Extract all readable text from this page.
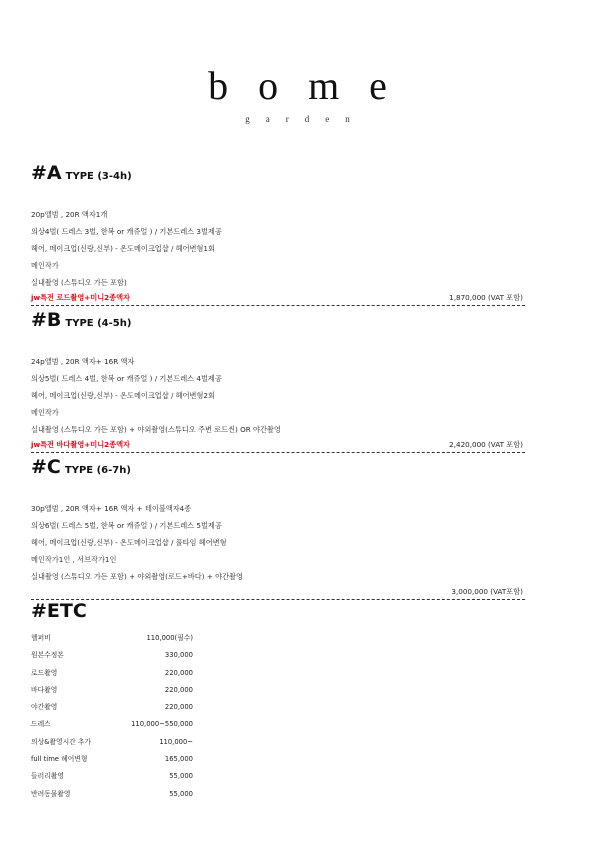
bome
garden
#A TYPE (3-4h)
20p앨범 , 20R 액자1개
의상4벌( 드레스 3벌, 한복 or 캐쥬얼 ) / 기본드레스 3벌제공
헤어, 메이크업(신랑,신부) - 온도메이크업샵 / 헤어변형1회
메인작가
실내촬영 (스튜디오 가든 포함)
jw특전 로드촬영+미니2종액자	1,870,000 (VAT 포함)
#B TYPE (4-5h)
24p앨범 , 20R 액자+ 16R 액자
의상5벌( 드레스 4벌, 한복 or 캐쥬얼 ) / 기본드레스 4벌제공
헤어, 메이크업(신랑,신부) - 온도메이크업샵 / 헤어변형2회
메인작가
실내촬영 (스튜디오 가든 포함) + 야외촬영(스튜디오 주변 로드씬) OR 야간촬영
jw특전 바다촬영+미니2종액자	2,420,000 (VAT 포함)
#C TYPE (6-7h)
30p앨범 , 20R 액자+ 16R 액자 + 테이블액자4종
의상6벌( 드레스 5벌, 한복 or 캐쥬얼 ) / 기본드레스 5벌제공
헤어, 메이크업(신랑,신부) - 온도메이크업샵 / 풀타임 헤어변형
메인작가1인 , 서브작가1인
실내촬영 (스튜디오 가든 포함) + 야외촬영(로드+바다) + 야간촬영
3,000,000 (VAT포함)
#ETC
헬퍼비	110,000(필수)
원본수정본	330,000
로드촬영	220,000
바다촬영	220,000
야간촬영	220,000
드레스	110,000~550,000
의상&촬영시간 추가	110,000~
full time 헤어변형	165,000
들러리촬영	55,000
반려동물촬영	55,000
